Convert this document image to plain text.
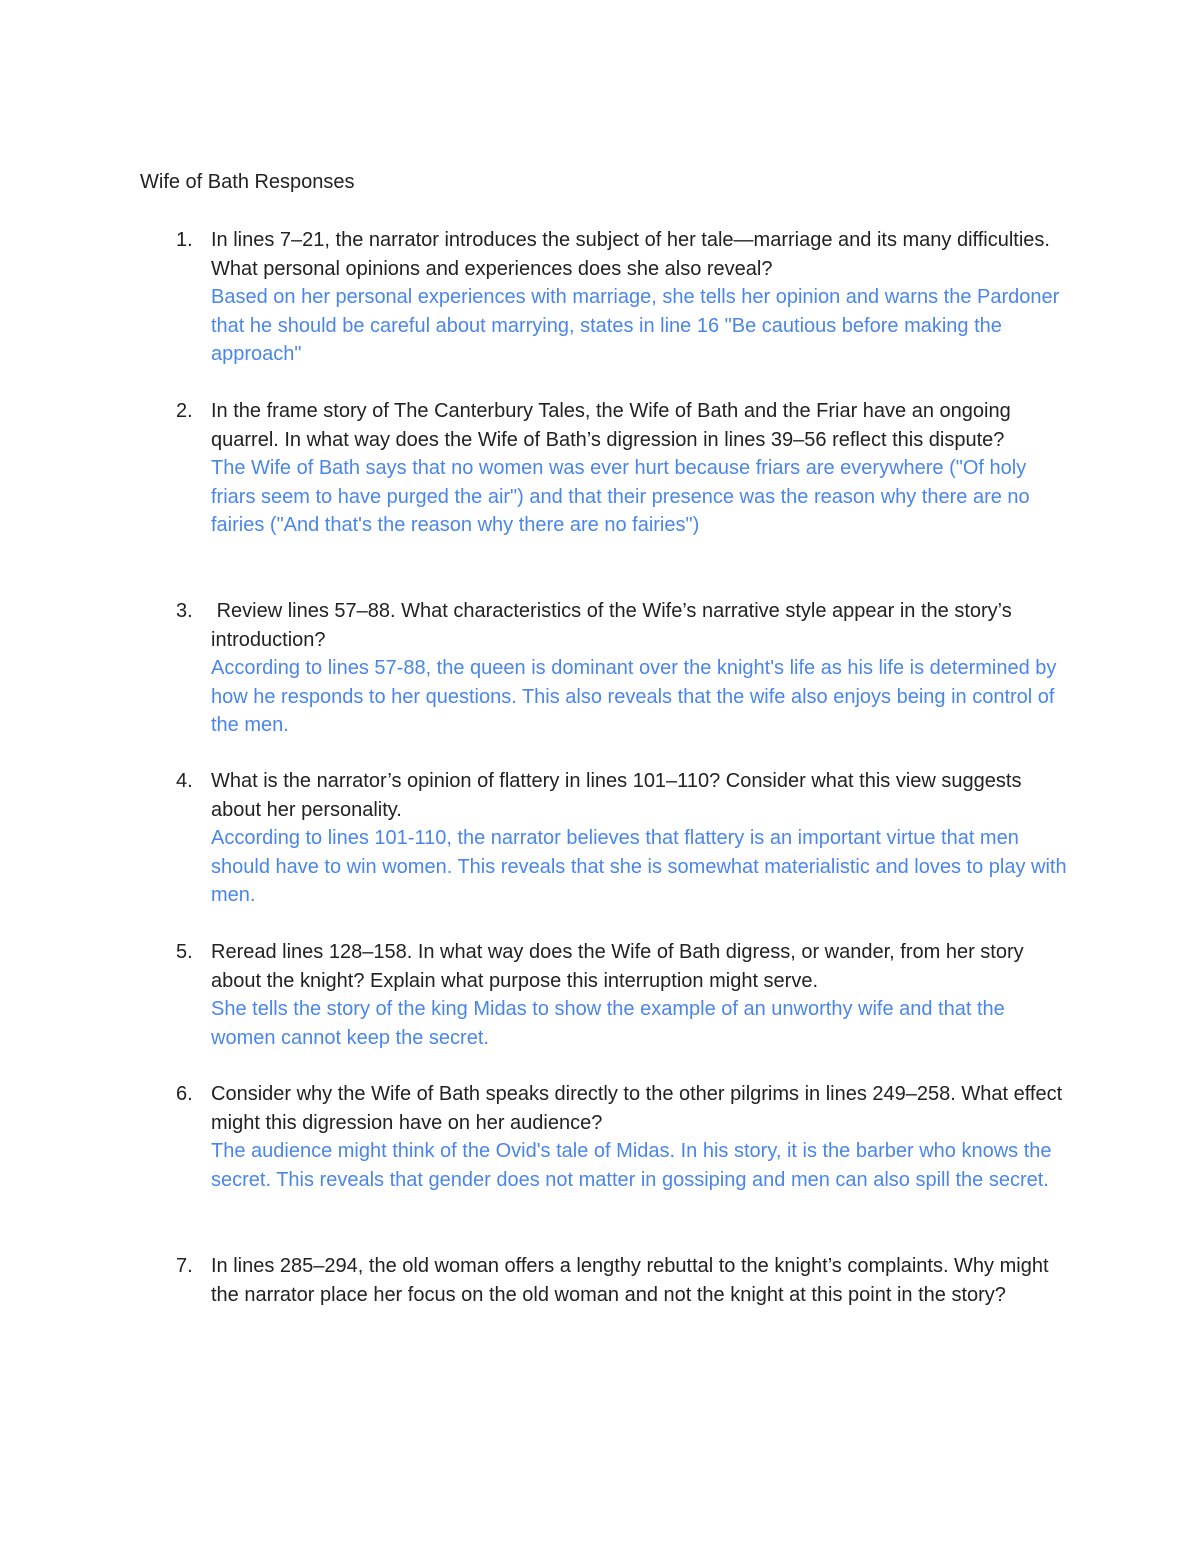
Wife of Bath Responses
1. In lines 7–21, the narrator introduces the subject of her tale—marriage and its many difficulties. What personal opinions and experiences does she also reveal?

Based on her personal experiences with marriage, she tells her opinion and warns the Pardoner that he should be careful about marrying, states in line 16 "Be cautious before making the approach"

2. In the frame story of The Canterbury Tales, the Wife of Bath and the Friar have an ongoing quarrel. In what way does the Wife of Bath’s digression in lines 39–56 reflect this dispute?

The Wife of Bath says that no women was ever hurt because friars are everywhere ("Of holy friars seem to have purged the air") and that their presence was the reason why there are no fairies ("And that's the reason why there are no fairies")

3. Review lines 57–88. What characteristics of the Wife’s narrative style appear in the story’s introduction?

According to lines 57-88, the queen is dominant over the knight's life as his life is determined by how he responds to her questions. This also reveals that the wife also enjoys being in control of the men.

4. What is the narrator’s opinion of flattery in lines 101–110? Consider what this view suggests about her personality.

According to lines 101-110, the narrator believes that flattery is an important virtue that men should have to win women. This reveals that she is somewhat materialistic and loves to play with men.

5. Reread lines 128–158. In what way does the Wife of Bath digress, or wander, from her story about the knight? Explain what purpose this interruption might serve.

She tells the story of the king Midas to show the example of an unworthy wife and that the women cannot keep the secret.

6. Consider why the Wife of Bath speaks directly to the other pilgrims in lines 249–258. What effect might this digression have on her audience?

The audience might think of the Ovid's tale of Midas. In his story, it is the barber who knows the secret. This reveals that gender does not matter in gossiping and men can also spill the secret.

7. In lines 285–294, the old woman offers a lengthy rebuttal to the knight’s complaints. Why might the narrator place her focus on the old woman and not the knight at this point in the story?
